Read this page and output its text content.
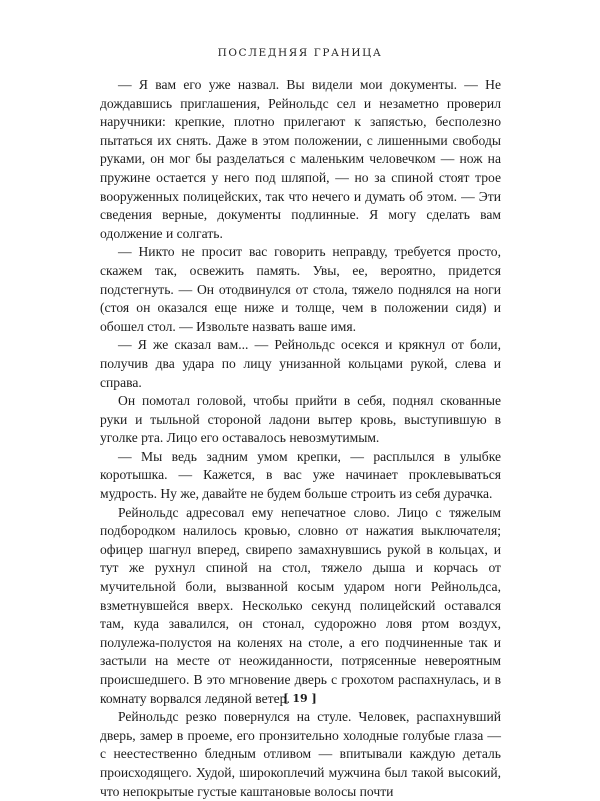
ПОСЛЕДНЯЯ ГРАНИЦА

— Я вам его уже назвал. Вы видели мои документы. — Не дождавшись приглашения, Рейнольдс сел и незаметно проверил наручники: крепкие, плотно прилегают к запястью, бесполезно пытаться их снять. Даже в этом положении, с лишенными свободы руками, он мог бы разделаться с маленьким человечком — нож на пружине остается у него под шляпой, — но за спиной стоят трое вооруженных полицейских, так что нечего и думать об этом. — Эти сведения верные, документы подлинные. Я могу сделать вам одолжение и солгать.

— Никто не просит вас говорить неправду, требуется просто, скажем так, освежить память. Увы, ее, вероятно, придется подстегнуть. — Он отодвинулся от стола, тяжело поднялся на ноги (стоя он оказался еще ниже и толще, чем в положении сидя) и обошел стол. — Извольте назвать ваше имя.

— Я же сказал вам... — Рейнольдс осекся и крякнул от боли, получив два удара по лицу унизанной кольцами рукой, слева и справа.

Он помотал головой, чтобы прийти в себя, поднял скованные руки и тыльной стороной ладони вытер кровь, выступившую в уголке рта. Лицо его оставалось невозмутимым.

— Мы ведь задним умом крепки, — расплылся в улыбке коротышка. — Кажется, в вас уже начинает проклевываться мудрость. Ну же, давайте не будем больше строить из себя дурачка.

Рейнольдс адресовал ему непечатное слово. Лицо с тяжелым подбородком налилось кровью, словно от нажатия выключателя; офицер шагнул вперед, свирепо замахнувшись рукой в кольцах, и тут же рухнул спиной на стол, тяжело дыша и корчась от мучительной боли, вызванной косым ударом ноги Рейнольдса, взметнувшейся вверх. Несколько секунд полицейский оставался там, куда завалился, он стонал, судорожно ловя ртом воздух, полулежа-полустоя на коленях на столе, а его подчиненные так и застыли на месте от неожиданности, потрясенные невероятным происшедшего. В это мгновение дверь с грохотом распахнулась, и в комнату ворвался ледяной ветер.

Рейнольдс резко повернулся на стуле. Человек, распахнувший дверь, замер в проеме, его пронзительно холодные голубые глаза — с неестественно бледным отливом — впитывали каждую деталь происходящего. Худой, широкоплечий мужчина был такой высокий, что непокрытые густые каштановые волосы почти

[ 19 ]
